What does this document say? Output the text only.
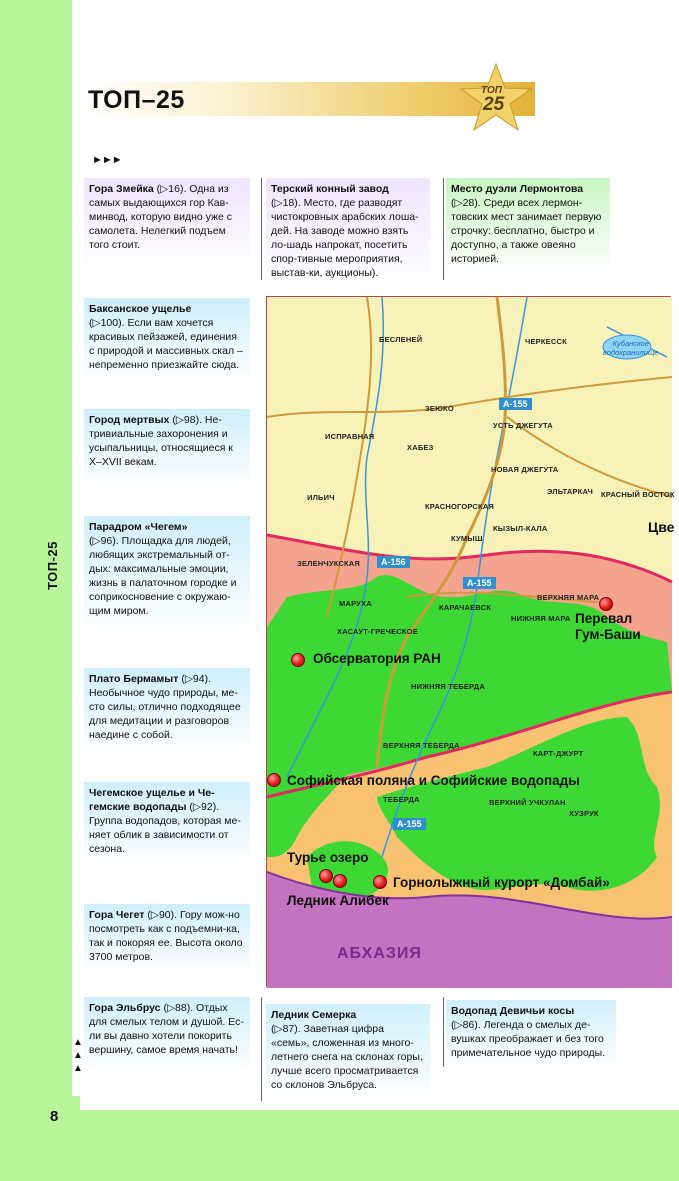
ТОП-25
8
ТОП–25	ТОП
25
►►►
▲
▲
▲
Гора Змейка (▷16). Одна из самых выдающихся гор Кав-минвод, которую видно уже с самолета. Нелегкий подъем того стоит.
Терский конный завод
(▷18). Место, где разводят чистокровных арабских лоша-дей. На заводе можно взять ло-шадь напрокат, посетить спор-тивные мероприятия, выстав-ки, аукционы).
Место дуэли Лермонтова
(▷28). Среди всех лермон-товских мест занимает первую строчку: бесплатно, быстро и доступно, а также овеяно историей.
Баксанское ущелье
(▷100). Если вам хочется красивых пейзажей, единения с природой и массивных скал – непременно приезжайте сюда.
Город мертвых (▷98). Не-тривиальные захоронения и усыпальницы, относящиеся к X–XVII векам.
Парадром «Чегем»
(▷96). Площадка для людей, любящих экстремальный от-дых: максимальные эмоции, жизнь в палаточном городке и соприкосновение с окружаю-щим миром.
Плато Бермамыт (▷94). Необычное чудо природы, ме-сто силы, отлично подходящее для медитации и разговоров наедине с собой.
Чегемское ущелье и Че-гемские водопады (▷92). Группа водопадов, которая ме-няет облик в зависимости от сезона.
Гора Чегет (▷90). Гору мож-но посмотреть как с подъемни-ка, так и покоряя ее. Высота около 3700 метров.
Гора Эльбрус (▷88). Отдых для смелых телом и душой. Ес-ли вы давно хотели покорить вершину, самое время начать!
Ледник Семерка
(▷87). Заветная цифра «семь», сложенная из много-летнего снега на склонах горы, лучше всего просматривается со склонов Эльбруса.
Водопад Девичьи косы
(▷86). Легенда о смелых де-вушках преображает и без того примечательное чудо природы.
БЕСЛЕНЕЙ	ЧЕРКЕССК	Кубанское
водохранилище
ЗЕЮКО	А-155
ИСПРАВНАЯ
УСТЬ ДЖЕГУТА
ХАБЕЗ
НОВАЯ ДЖЕГУТА
ЭЛЬТАРКАЧ КРАСНЫЙ ВОСТОК
ИЛЬИЧ
КРАСНОГОРСКАЯ
КЫЗЫЛ-КАЛА	Цве
КУМЫШ
ЗЕЛЕНЧУКСКАЯ	А-156
А-155
ВЕРХНЯЯ МАРА
МАРУХА	КАРАЧАЕВСК
НИЖНЯЯ МАРА
ХАСАУТ-ГРЕЧЕСКОЕ
Перевал
Гум-Баши
Обсерватория РАН
НИЖНЯЯ ТЕБЕРДА
ВЕРХНЯЯ ТЕБЕРДА
КАРТ-ДЖУРТ
Софийская поляна и Софийские водопады
ТЕБЕРДА	ВЕРХНИЙ УЧКУЛАН
ХУЗРУК
А-155
Турье озеро
Горнолыжный курорт «Домбай»
Ледник Алибек
АБХАЗИЯ
